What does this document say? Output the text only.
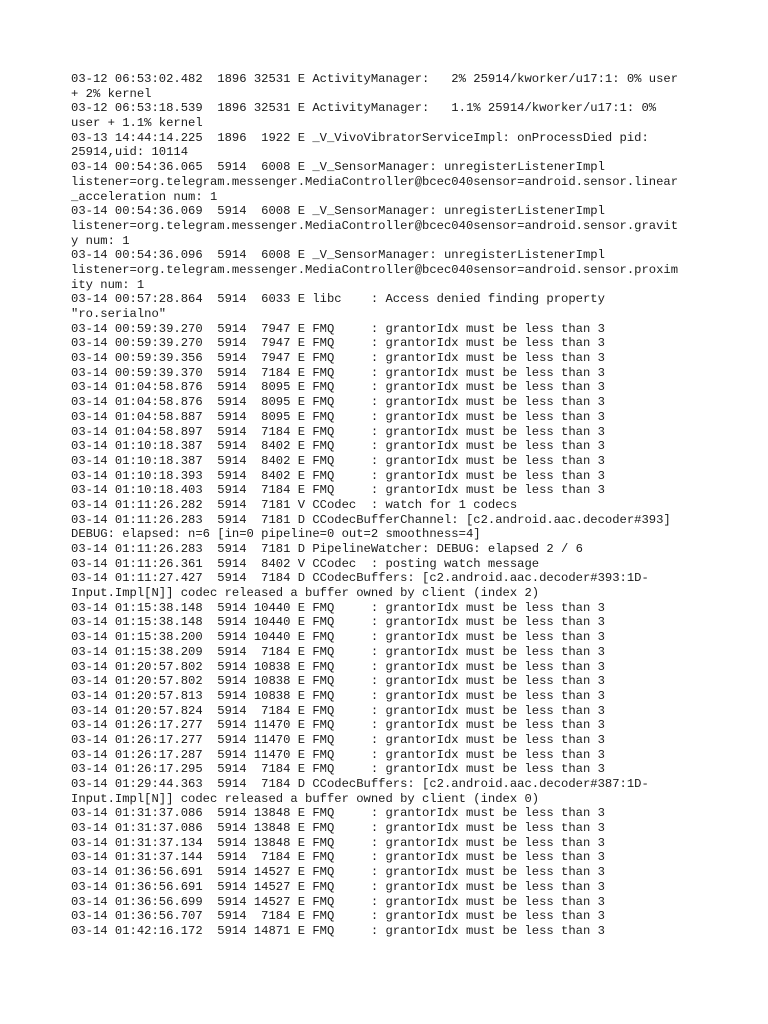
03-12 06:53:02.482  1896 32531 E ActivityManager:   2% 25914/kworker/u17:1: 0% user
+ 2% kernel
03-12 06:53:18.539  1896 32531 E ActivityManager:   1.1% 25914/kworker/u17:1: 0%
user + 1.1% kernel
03-13 14:44:14.225  1896  1922 E _V_VivoVibratorServiceImpl: onProcessDied pid:
25914,uid: 10114
03-14 00:54:36.065  5914  6008 E _V_SensorManager: unregisterListenerImpl
listener=org.telegram.messenger.MediaController@bcec040sensor=android.sensor.linear
_acceleration num: 1
03-14 00:54:36.069  5914  6008 E _V_SensorManager: unregisterListenerImpl
listener=org.telegram.messenger.MediaController@bcec040sensor=android.sensor.gravit
y num: 1
03-14 00:54:36.096  5914  6008 E _V_SensorManager: unregisterListenerImpl
listener=org.telegram.messenger.MediaController@bcec040sensor=android.sensor.proxim
ity num: 1
03-14 00:57:28.864  5914  6033 E libc    : Access denied finding property
"ro.serialno"
03-14 00:59:39.270  5914  7947 E FMQ     : grantorIdx must be less than 3
03-14 00:59:39.270  5914  7947 E FMQ     : grantorIdx must be less than 3
03-14 00:59:39.356  5914  7947 E FMQ     : grantorIdx must be less than 3
03-14 00:59:39.370  5914  7184 E FMQ     : grantorIdx must be less than 3
03-14 01:04:58.876  5914  8095 E FMQ     : grantorIdx must be less than 3
03-14 01:04:58.876  5914  8095 E FMQ     : grantorIdx must be less than 3
03-14 01:04:58.887  5914  8095 E FMQ     : grantorIdx must be less than 3
03-14 01:04:58.897  5914  7184 E FMQ     : grantorIdx must be less than 3
03-14 01:10:18.387  5914  8402 E FMQ     : grantorIdx must be less than 3
03-14 01:10:18.387  5914  8402 E FMQ     : grantorIdx must be less than 3
03-14 01:10:18.393  5914  8402 E FMQ     : grantorIdx must be less than 3
03-14 01:10:18.403  5914  7184 E FMQ     : grantorIdx must be less than 3
03-14 01:11:26.282  5914  7181 V CCodec  : watch for 1 codecs
03-14 01:11:26.283  5914  7181 D CCodecBufferChannel: [c2.android.aac.decoder#393]
DEBUG: elapsed: n=6 [in=0 pipeline=0 out=2 smoothness=4]
03-14 01:11:26.283  5914  7181 D PipelineWatcher: DEBUG: elapsed 2 / 6
03-14 01:11:26.361  5914  8402 V CCodec  : posting watch message
03-14 01:11:27.427  5914  7184 D CCodecBuffers: [c2.android.aac.decoder#393:1D-
Input.Impl[N]] codec released a buffer owned by client (index 2)
03-14 01:15:38.148  5914 10440 E FMQ     : grantorIdx must be less than 3
03-14 01:15:38.148  5914 10440 E FMQ     : grantorIdx must be less than 3
03-14 01:15:38.200  5914 10440 E FMQ     : grantorIdx must be less than 3
03-14 01:15:38.209  5914  7184 E FMQ     : grantorIdx must be less than 3
03-14 01:20:57.802  5914 10838 E FMQ     : grantorIdx must be less than 3
03-14 01:20:57.802  5914 10838 E FMQ     : grantorIdx must be less than 3
03-14 01:20:57.813  5914 10838 E FMQ     : grantorIdx must be less than 3
03-14 01:20:57.824  5914  7184 E FMQ     : grantorIdx must be less than 3
03-14 01:26:17.277  5914 11470 E FMQ     : grantorIdx must be less than 3
03-14 01:26:17.277  5914 11470 E FMQ     : grantorIdx must be less than 3
03-14 01:26:17.287  5914 11470 E FMQ     : grantorIdx must be less than 3
03-14 01:26:17.295  5914  7184 E FMQ     : grantorIdx must be less than 3
03-14 01:29:44.363  5914  7184 D CCodecBuffers: [c2.android.aac.decoder#387:1D-
Input.Impl[N]] codec released a buffer owned by client (index 0)
03-14 01:31:37.086  5914 13848 E FMQ     : grantorIdx must be less than 3
03-14 01:31:37.086  5914 13848 E FMQ     : grantorIdx must be less than 3
03-14 01:31:37.134  5914 13848 E FMQ     : grantorIdx must be less than 3
03-14 01:31:37.144  5914  7184 E FMQ     : grantorIdx must be less than 3
03-14 01:36:56.691  5914 14527 E FMQ     : grantorIdx must be less than 3
03-14 01:36:56.691  5914 14527 E FMQ     : grantorIdx must be less than 3
03-14 01:36:56.699  5914 14527 E FMQ     : grantorIdx must be less than 3
03-14 01:36:56.707  5914  7184 E FMQ     : grantorIdx must be less than 3
03-14 01:42:16.172  5914 14871 E FMQ     : grantorIdx must be less than 3
